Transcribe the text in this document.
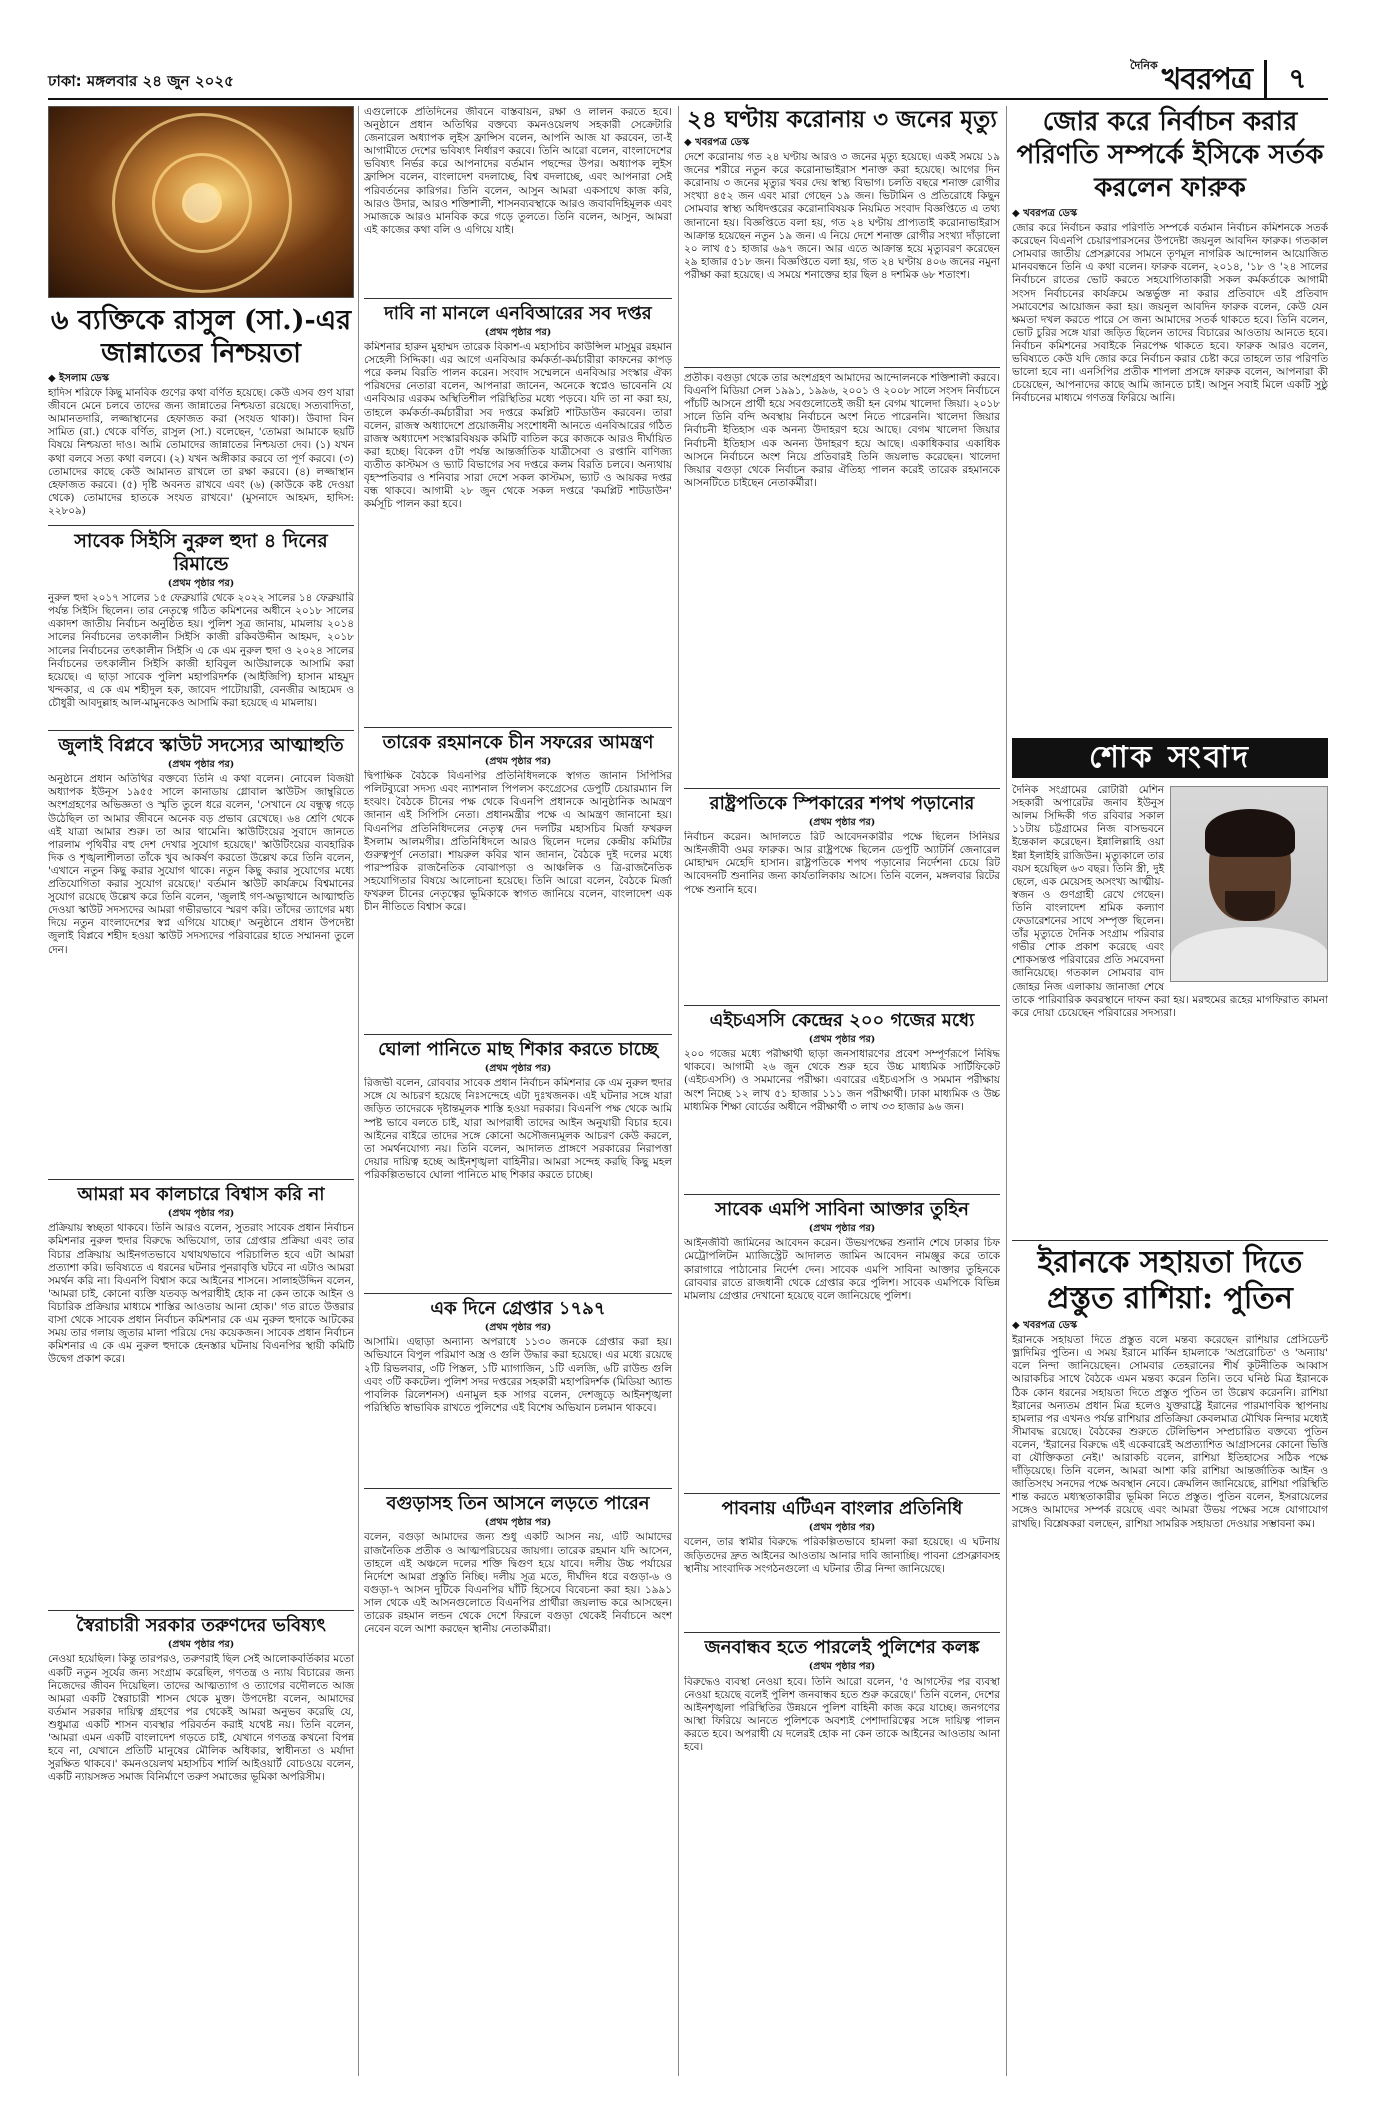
ঢাকা: মঙ্গলবার ২৪ জুন ২০২৫
দৈনিক খবরপত্র	৭
৬ ব্যক্তিকে রাসুল (সা.)-এর জান্নাতের নিশ্চয়তা
◆ ইসলাম ডেস্ক

হাদিস শরিফে কিছু মানবিক গুণের কথা বর্ণিত হয়েছে। কেউ এসব গুণ যারা জীবনে মেনে চলবে তাদের জন্য জান্নাতের নিশ্চয়তা রয়েছে। সত্যবাদিতা, আমানতদারি, লজ্জাস্থানের হেফাজত করা (সংযত থাকা)। উবাদা বিন সামিত (রা.) থেকে বর্ণিত, রাসুল (সা.) বলেছেন, 'তোমরা আমাকে ছয়টি বিষয়ে নিশ্চয়তা দাও। আমি তোমাদের জান্নাতের নিশ্চয়তা দেব। (১) যখন কথা বলবে সত্য কথা বলবে। (২) যখন অঙ্গীকার করবে তা পূর্ণ করবে। (৩) তোমাদের কাছে কেউ আমানত রাখলে তা রক্ষা করবে। (৪) লজ্জাস্থান হেফাজত করবে। (৫) দৃষ্টি অবনত রাখবে এবং (৬) (কাউকে কষ্ট দেওয়া থেকে) তোমাদের হাতকে সংযত রাখবে।' (মুসনাদে আহমদ, হাদিস: ২২৮০৯)

সাবেক সিইসি নুরুল হুদা ৪ দিনের রিমান্ডে
(প্রথম পৃষ্ঠার পর)

নুরুল হুদা ২০১৭ সালের ১৫ ফেব্রুয়ারি থেকে ২০২২ সালের ১৪ ফেব্রুয়ারি পর্যন্ত সিইসি ছিলেন। তার নেতৃত্বে গঠিত কমিশনের অধীনে ২০১৮ সালের একাদশ জাতীয় নির্বাচন অনুষ্ঠিত হয়। পুলিশ সূত্র জানায়, মামলায় ২০১৪ সালের নির্বাচনের তৎকালীন সিইসি কাজী রকিবউদ্দীন আহমদ, ২০১৮ সালের নির্বাচনের তৎকালীন সিইসি এ কে এম নুরুল হুদা ও ২০২৪ সালের নির্বাচনের তৎকালীন সিইসি কাজী হাবিবুল আউয়ালকে আসামি করা হয়েছে। এ ছাড়া সাবেক পুলিশ মহাপরিদর্শক (আইজিপি) হাসান মাহমুদ খন্দকার, এ কে এম শহীদুল হক, জাবেদ পাটোয়ারী, বেনজীর আহমেদ ও চৌধুরী আবদুল্লাহ আল-মামুনকেও আসামি করা হয়েছে এ মামলায়।

জুলাই বিপ্লবে স্কাউট সদস্যের আত্মাহুতি
(প্রথম পৃষ্ঠার পর)

অনুষ্ঠানে প্রধান অতিথির বক্তব্যে তিনি এ কথা বলেন। নোবেল বিজয়ী অধ্যাপক ইউনূস ১৯৫৫ সালে কানাডায় গ্লোবাল স্কাউটস জাম্বুরিতে অংশগ্রহণের অভিজ্ঞতা ও স্মৃতি তুলে ধরে বলেন, 'সেখানে যে বন্ধুত্ব গড়ে উঠেছিল তা আমার জীবনে অনেক বড় প্রভাব রেখেছে। ৬৪ শ্রেণি থেকে এই যাত্রা আমার শুরু। তা আর থামেনি। স্কাউটিংয়ের সুবাদে জানতে পারলাম পৃথিবীর বহু দেশ দেখার সুযোগ হয়েছে।' স্কাউটিংয়ের ব্যবহারিক দিক ও শৃঙ্খলাশীলতা তাঁকে খুব আকর্ষণ করতো উল্লেখ করে তিনি বলেন, 'এখানে নতুন কিছু করার সুযোগ থাকে। নতুন কিছু করার সুযোগের মধ্যে প্রতিযোগিতা করার সুযোগ রয়েছে।' বর্তমান স্কাউট কার্যক্রমে বিশ্বমানের সুযোগ রয়েছে উল্লেখ করে তিনি বলেন, 'জুলাই গণ-অভ্যুত্থানে আত্মাহুতি দেওয়া স্কাউট সদস্যদের আমরা গভীরভাবে স্মরণ করি। তাঁদের ত্যাগের মধ্য দিয়ে নতুন বাংলাদেশের স্বপ্ন এগিয়ে যাচ্ছে।' অনুষ্ঠানে প্রধান উপদেষ্টা জুলাই বিপ্লবে শহীদ হওয়া স্কাউট সদস্যদের পরিবারের হাতে সম্মাননা তুলে দেন।

আমরা মব কালচারে বিশ্বাস করি না
(প্রথম পৃষ্ঠার পর)

প্রক্রিয়ায় স্বচ্ছতা থাকবে। তিনি আরও বলেন, সুতরাং সাবেক প্রধান নির্বাচন কমিশনার নুরুল হুদার বিরুদ্ধে অভিযোগ, তার গ্রেপ্তার প্রক্রিয়া এবং তার বিচার প্রক্রিয়ায় আইনগতভাবে যথাযথভাবে পরিচালিত হবে এটা আমরা প্রত্যাশা করি। ভবিষ্যতে এ ধরনের ঘটনার পুনরাবৃত্তি ঘটবে না এটাও আমরা সমর্থন করি না। বিএনপি বিশ্বাস করে আইনের শাসনে। সালাহউদ্দিন বলেন, 'আমরা চাই, কোনো ব্যক্তি যতবড় অপরাধীই হোক না কেন তাকে আইন ও বিচারিক প্রক্রিয়ার মাধ্যমে শাস্তির আওতায় আনা হোক।' গত রাতে উত্তরার বাসা থেকে সাবেক প্রধান নির্বাচন কমিশনার কে এম নুরুল হুদাকে আটকের সময় তার গলায় জুতার মালা পরিয়ে দেয় কয়েকজন। সাবেক প্রধান নির্বাচন কমিশনার এ কে এম নুরুল হুদাকে হেনস্তার ঘটনায় বিএনপির স্থায়ী কমিটি উদ্বেগ প্রকাশ করে।

স্বৈরাচারী সরকার তরুণদের ভবিষ্যৎ
(প্রথম পৃষ্ঠার পর)

নেওয়া হয়েছিল। কিন্তু তারপরও, তরুণরাই ছিল সেই আলোকবর্তিকার মতো একটি নতুন সূর্যের জন্য সংগ্রাম করেছিল, গণতন্ত্র ও ন্যায় বিচারের জন্য নিজেদের জীবন দিয়েছিল। তাদের আত্মত্যাগ ও ত্যাগের বদৌলতে আজ আমরা একটি স্বৈরাচারী শাসন থেকে মুক্ত। উপদেষ্টা বলেন, আমাদের বর্তমান সরকার দায়িত্ব গ্রহণের পর থেকেই আমরা অনুভব করেছি যে, শুধুমাত্র একটি শাসন ব্যবস্থার পরিবর্তন করাই যথেষ্ট নয়। তিনি বলেন, 'আমরা এমন একটি বাংলাদেশ গড়তে চাই, যেখানে গণতন্ত্র কখনো বিপন্ন হবে না, যেখানে প্রতিটি মানুষের মৌলিক অধিকার, স্বাধীনতা ও মর্যাদা সুরক্ষিত থাকবে।' কমনওয়েলথ মহাসচিব শার্লি আইওয়ার্ট বোচওয়ে বলেন, একটি ন্যায়সঙ্গত সমাজ বিনির্মাণে তরুণ সমাজের ভূমিকা অপরিসীম।

এগুলোকে প্রতিদিনের জীবনে বাস্তবায়ন, রক্ষা ও লালন করতে হবে। অনুষ্ঠানে প্রধান অতিথির বক্তব্যে কমনওয়েলথ সহকারী সেক্রেটারি জেনারেল অধ্যাপক লুইস ফ্রান্সিস বলেন, আপনি আজ যা করবেন, তা-ই আগামীতে দেশের ভবিষ্যৎ নির্ধারণ করবে। তিনি আরো বলেন, বাংলাদেশের ভবিষ্যৎ নির্ভর করে আপনাদের বর্তমান পছন্দের উপর। অধ্যাপক লুইস ফ্রান্সিস বলেন, বাংলাদেশ বদলাচ্ছে, বিশ্ব বদলাচ্ছে, এবং আপনারা সেই পরিবর্তনের কারিগর। তিনি বলেন, আসুন আমরা একসাথে কাজ করি, আরও উদার, আরও শক্তিশালী, শাসনব্যবস্থাকে আরও জবাবদিহিমূলক এবং সমাজকে আরও মানবিক করে গড়ে তুলতে। তিনি বলেন, আসুন, আমরা এই কাজের কথা বলি ও এগিয়ে যাই।

দাবি না মানলে এনবিআরের সব দপ্তর
(প্রথম পৃষ্ঠার পর)

কমিশনার হারুন মুহাম্মদ তারেক বিকাশ-এ মহাসচিব কাউন্সিল মাসুমুর রহমান সেহেলী সিদ্দিকা। এর আগে এনবিআর কর্মকর্তা-কর্মচারীরা কাফনের কাপড় পরে কলম বিরতি পালন করেন। সংবাদ সম্মেলনে এনবিআর সংস্কার ঐক্য পরিষদের নেতারা বলেন, আপনারা জানেন, অনেকে স্বপ্নেও ভাবেননি যে এনবিআর এরকম অস্থিতিশীল পরিস্থিতির মধ্যে পড়বে। যদি তা না করা হয়, তাহলে কর্মকর্তা-কর্মচারীরা সব দপ্তরে কমপ্লিট শাটডাউন করবেন। তারা বলেন, রাজস্ব অধ্যাদেশে প্রয়োজনীয় সংশোধনী আনতে এনবিআরের গঠিত রাজস্ব অধ্যাদেশ সংস্কারবিষয়ক কমিটি বাতিল করে কাজকে আরও দীর্ঘায়িত করা হচ্ছে। বিকেল ৫টা পর্যন্ত আন্তর্জাতিক যাত্রীসেবা ও রপ্তানি বাণিজ্য ব্যতীত কাস্টমস ও ভ্যাট বিভাগের সব দপ্তরে কলম বিরতি চলবে। অন্যথায় বৃহস্পতিবার ও শনিবার সারা দেশে সকল কাস্টমস, ভ্যাট ও আয়কর দপ্তর বন্ধ থাকবে। আগামী ২৮ জুন থেকে সকল দপ্তরে 'কমপ্লিট শাটডাউন' কর্মসূচি পালন করা হবে।

তারেক রহমানকে চীন সফরের আমন্ত্রণ
(প্রথম পৃষ্ঠার পর)

দ্বিপাক্ষিক বৈঠকে বিএনপির প্রতিনিধিদলকে স্বাগত জানান সিপিসির পলিটব্যুরো সদস্য এবং ন্যাশনাল পিপলস কংগ্রেসের ডেপুটি চেয়ারম্যান লি হংঝং। বৈঠকে চীনের পক্ষ থেকে বিএনপি প্রধানকে আনুষ্ঠানিক আমন্ত্রণ জানান এই সিপিসি নেতা। প্রধানমন্ত্রীর পক্ষে এ আমন্ত্রণ জানানো হয়। বিএনপির প্রতিনিধিদলের নেতৃত্ব দেন দলটির মহাসচিব মির্জা ফখরুল ইসলাম আলমগীর। প্রতিনিধিদলে আরও ছিলেন দলের কেন্দ্রীয় কমিটির গুরুত্বপূর্ণ নেতারা। শায়রুল কবির খান জানান, বৈঠকে দুই দলের মধ্যে পারস্পরিক রাজনৈতিক বোঝাপড়া ও আঞ্চলিক ও ত্রি-রাজনৈতিক সহযোগিতার বিষয়ে আলোচনা হয়েছে। তিনি আরো বলেন, বৈঠকে মির্জা ফখরুল চীনের নেতৃত্বের ভূমিকাকে স্বাগত জানিয়ে বলেন, বাংলাদেশ এক চীন নীতিতে বিশ্বাস করে।

ঘোলা পানিতে মাছ শিকার করতে চাচ্ছে
(প্রথম পৃষ্ঠার পর)

রিজভী বলেন, রোববার সাবেক প্রধান নির্বাচন কমিশনার কে এম নুরুল হুদার সঙ্গে যে আচরণ হয়েছে নিঃসন্দেহে এটা দুঃখজনক। এই ঘটনার সঙ্গে যারা জড়িত তাদেরকে দৃষ্টান্তমূলক শাস্তি হওয়া দরকার। বিএনপি পক্ষ থেকে আমি স্পষ্ট ভাবে বলতে চাই, যারা আপরাধী তাদের আইন অনুযায়ী বিচার হবে। আইনের বাইরে তাদের সঙ্গে কোনো অসৌজন্যমূলক আচরণ কেউ করলে, তা সমর্থনযোগ্য নয়। তিনি বলেন, আদালত প্রাঙ্গণে সরকারের নিরাপত্তা দেয়ার দায়িত্ব হচ্ছে আইনশৃঙ্খলা বাহিনীর। আমরা সন্দেহ করছি কিছু মহল পরিকল্পিতভাবে ঘোলা পানিতে মাছ শিকার করতে চাচ্ছে।

এক দিনে গ্রেপ্তার ১৭৯৭
(প্রথম পৃষ্ঠার পর)

আসামি। এছাড়া অন্যান্য অপরাধে ১১৩০ জনকে গ্রেপ্তার করা হয়। অভিযানে বিপুল পরিমাণ অস্ত্র ও গুলি উদ্ধার করা হয়েছে। এর মধ্যে রয়েছে ২টি রিভলবার, ৩টি পিস্তল, ১টি ম্যাগাজিন, ১টি এলজি, ৬টি রাউন্ড গুলি এবং ৩টি ককটেল। পুলিশ সদর দপ্তরের সহকারী মহাপরিদর্শক (মিডিয়া অ্যান্ড পাবলিক রিলেশনস) এনামুল হক সাগর বলেন, দেশজুড়ে আইনশৃঙ্খলা পরিস্থিতি স্বাভাবিক রাখতে পুলিশের এই বিশেষ অভিযান চলমান থাকবে।

বগুড়াসহ তিন আসনে লড়তে পারেন
(প্রথম পৃষ্ঠার পর)

বলেন, বগুড়া আমাদের জন্য শুধু একটি আসন নয়, এটি আমাদের রাজনৈতিক প্রতীক ও আত্মপরিচয়ের জায়গা। তারেক রহমান যদি আসেন, তাহলে এই অঞ্চলে দলের শক্তি দ্বিগুণ হয়ে যাবে। দলীয় উচ্চ পর্যায়ের নির্দেশে আমরা প্রস্তুতি নিচ্ছি। দলীয় সূত্র মতে, দীর্ঘদিন ধরে বগুড়া-৬ ও বগুড়া-৭ আসন দুটিকে বিএনপির ঘাঁটি হিসেবে বিবেচনা করা হয়। ১৯৯১ সাল থেকে এই আসনগুলোতে বিএনপির প্রার্থীরা জয়লাভ করে আসছেন। তারেক রহমান লন্ডন থেকে দেশে ফিরলে বগুড়া থেকেই নির্বাচনে অংশ নেবেন বলে আশা করছেন স্থানীয় নেতাকর্মীরা।

২৪ ঘণ্টায় করোনায় ৩ জনের মৃত্যু
◆ খবরপত্র ডেস্ক

দেশে করোনায় গত ২৪ ঘণ্টায় আরও ৩ জনের মৃত্যু হয়েছে। একই সময়ে ১৯ জনের শরীরে নতুন করে করোনাভাইরাস শনাক্ত করা হয়েছে। আগের দিন করোনায় ৩ জনের মৃত্যুর খবর দেয় স্বাস্থ্য বিভাগ। চলতি বছরে শনাক্ত রোগীর সংখ্যা ৪৫২ জন এবং মারা গেছেন ১৯ জন। ভিটামিন ও প্রতিরোধে কিছুন সোমবার স্বাস্থ্য অধিদপ্তরের করোনাবিষয়ক নিয়মিত সংবাদ বিজ্ঞপ্তিতে এ তথ্য জানানো হয়। বিজ্ঞপ্তিতে বলা হয়, গত ২৪ ঘণ্টায় প্রাপ্যতাই করোনাভাইরাস আক্রান্ত হয়েছেন নতুন ১৯ জন। এ নিয়ে দেশে শনাক্ত রোগীর সংখ্যা দাঁড়ালো ২০ লাখ ৫১ হাজার ৬৯৭ জনে। আর এতে আক্রান্ত হয়ে মৃত্যুবরণ করেছেন ২৯ হাজার ৫১৮ জন। বিজ্ঞপ্তিতে বলা হয়, গত ২৪ ঘণ্টায় ৪০৬ জনের নমুনা পরীক্ষা করা হয়েছে। এ সময়ে শনাক্তের হার ছিল ৪ দশমিক ৬৮ শতাংশ।

প্রতীক। বগুড়া থেকে তার অংশগ্রহণ আমাদের আন্দোলনকে শক্তিশালী করবে। বিএনপি মিডিয়া সেল ১৯৯১, ১৯৯৬, ২০০১ ও ২০০৮ সালে সংসদ নির্বাচনে পাঁচটি আসনে প্রার্থী হয়ে সবগুলোতেই জয়ী হন বেগম খালেদা জিয়া। ২০১৮ সালে তিনি বন্দি অবস্থায় নির্বাচনে অংশ নিতে পারেননি। খালেদা জিয়ার নির্বাচনী ইতিহাস এক অনন্য উদাহরণ হয়ে আছে। বেগম খালেদা জিয়ার নির্বাচনী ইতিহাস এক অনন্য উদাহরণ হয়ে আছে। একাধিকবার একাধিক আসনে নির্বাচনে অংশ নিয়ে প্রতিবারই তিনি জয়লাভ করেছেন। খালেদা জিয়ার বগুড়া থেকে নির্বাচন করার ঐতিহ্য পালন করেই তারেক রহমানকে আসনটিতে চাইছেন নেতাকর্মীরা।

রাষ্ট্রপতিকে স্পিকারের শপথ পড়ানোর
(প্রথম পৃষ্ঠার পর)

নির্বাচন করেন। আদালতে রিট আবেদনকারীর পক্ষে ছিলেন সিনিয়র আইনজীবী ওমর ফারুক। আর রাষ্ট্রপক্ষে ছিলেন ডেপুটি অ্যাটর্নি জেনারেল মোহাম্মদ মেহেদি হাসান। রাষ্ট্রপতিকে শপথ পড়ানোর নির্দেশনা চেয়ে রিট আবেদনটি শুনানির জন্য কার্যতালিকায় আসে। তিনি বলেন, মঙ্গলবার রিটের পক্ষে শুনানি হবে।

এইচএসসি কেন্দ্রের ২০০ গজের মধ্যে
(প্রথম পৃষ্ঠার পর)

২০০ গজের মধ্যে পরীক্ষার্থী ছাড়া জনসাধারণের প্রবেশ সম্পূর্ণরূপে নিষিদ্ধ থাকবে। আগামী ২৬ জুন থেকে শুরু হবে উচ্চ মাধ্যমিক সার্টিফিকেট (এইচএসসি) ও সমমানের পরীক্ষা। এবারের এইচএসসি ও সমমান পরীক্ষায় অংশ নিচ্ছে ১২ লাখ ৫১ হাজার ১১১ জন পরীক্ষার্থী। ঢাকা মাধ্যমিক ও উচ্চ মাধ্যমিক শিক্ষা বোর্ডের অধীনে পরীক্ষার্থী ৩ লাখ ৩৩ হাজার ৯৬ জন।

সাবেক এমপি সাবিনা আক্তার তুহিন
(প্রথম পৃষ্ঠার পর)

আইনজীবী জামিনের আবেদন করেন। উভয়পক্ষের শুনানি শেষে ঢাকার চিফ মেট্রোপলিটন ম্যাজিস্ট্রেট আদালত জামিন আবেদন নামঞ্জুর করে তাকে কারাগারে পাঠানোর নির্দেশ দেন। সাবেক এমপি সাবিনা আক্তার তুহিনকে রোববার রাতে রাজধানী থেকে গ্রেপ্তার করে পুলিশ। সাবেক এমপিকে বিভিন্ন মামলায় গ্রেপ্তার দেখানো হয়েছে বলে জানিয়েছে পুলিশ।

পাবনায় এটিএন বাংলার প্রতিনিধি
(প্রথম পৃষ্ঠার পর)

বলেন, তার স্বামীর বিরুদ্ধে পরিকল্পিতভাবে হামলা করা হয়েছে। এ ঘটনায় জড়িতদের দ্রুত আইনের আওতায় আনার দাবি জানাচ্ছি। পাবনা প্রেসক্লাবসহ স্থানীয় সাংবাদিক সংগঠনগুলো এ ঘটনার তীব্র নিন্দা জানিয়েছে।

জনবান্ধব হতে পারলেই পুলিশের কলঙ্ক
(প্রথম পৃষ্ঠার পর)

বিরুদ্ধেও ব্যবস্থা নেওয়া হবে। তিনি আরো বলেন, '৫ আগস্টের পর ব্যবস্থা নেওয়া হয়েছে বলেই পুলিশ জনবান্ধব হতে শুরু করেছে।' তিনি বলেন, দেশের আইনশৃঙ্খলা পরিস্থিতির উন্নয়নে পুলিশ বাহিনী কাজ করে যাচ্ছে। জনগণের আস্থা ফিরিয়ে আনতে পুলিশকে অবশ্যই পেশাদারিত্বের সঙ্গে দায়িত্ব পালন করতে হবে। অপরাধী যে দলেরই হোক না কেন তাকে আইনের আওতায় আনা হবে।

জোর করে নির্বাচন করার পরিণতি সম্পর্কে ইসিকে সর্তক করলেন ফারুক
◆ খবরপত্র ডেস্ক

জোর করে নির্বাচন করার পরিণতি সম্পর্কে বর্তমান নির্বাচন কমিশনকে সতর্ক করেছেন বিএনপি চেয়ারপারসনের উপদেষ্টা জয়নুল আবদিন ফারুক। গতকাল সোমবার জাতীয় প্রেসক্লাবের সামনে তৃণমূল নাগরিক আন্দোলন আয়োজিত মানববন্ধনে তিনি এ কথা বলেন। ফারুক বলেন, ২০১৪, '১৮ ও '২৪ সালের নির্বাচনে রাতের ভোট করতে সহযোগিতাকারী সকল কর্মকর্তাকে আগামী সংসদ নির্বাচনের কার্যক্রমে অন্তর্ভুক্ত না করার প্রতিবাদে এই প্রতিবাদ সমাবেশের আয়োজন করা হয়। জয়নুল আবদিন ফারুক বলেন, কেউ যেন ক্ষমতা দখল করতে পারে সে জন্য আমাদের সতর্ক থাকতে হবে। তিনি বলেন, ভোট চুরির সঙ্গে যারা জড়িত ছিলেন তাদের বিচারের আওতায় আনতে হবে। নির্বাচন কমিশনের সবাইকে নিরপেক্ষ থাকতে হবে। ফারুক আরও বলেন, ভবিষ্যতে কেউ যদি জোর করে নির্বাচন করার চেষ্টা করে তাহলে তার পরিণতি ভালো হবে না। এনসিপির প্রতীক শাপলা প্রসঙ্গে ফারুক বলেন, আপনারা কী চেয়েছেন, আপনাদের কাছে আমি জানতে চাই। আসুন সবাই মিলে একটি সুষ্ঠু নির্বাচনের মাধ্যমে গণতন্ত্র ফিরিয়ে আনি।

শোক সংবাদ

দৈনিক সংগ্রামের রোটারী মেশিন সহকারী অপারেটর জনাব ইউনুস আলম সিদ্দিকী গত রবিবার সকাল ১১টায় চট্টগ্রামের নিজ বাসভবনে ইন্তেকাল করেছেন। ইন্নালিল্লাহি ওয়া ইন্না ইলাইহি রাজিউন। মৃত্যুকালে তার বয়স হয়েছিল ৬৩ বছর। তিনি স্ত্রী, দুই ছেলে, এক মেয়েসহ অসংখ্য আত্মীয়-স্বজন ও গুণগ্রাহী রেখে গেছেন। তিনি বাংলাদেশ শ্রমিক কল্যাণ ফেডারেশনের সাথে সম্পৃক্ত ছিলেন। তাঁর মৃত্যুতে দৈনিক সংগ্রাম পরিবার গভীর শোক প্রকাশ করেছে এবং শোকসন্তপ্ত পরিবারের প্রতি সমবেদনা জানিয়েছে। গতকাল সোমবার বাদ জোহর নিজ এলাকায় জানাজা শেষে তাকে পারিবারিক কবরস্থানে দাফন করা হয়। মরহুমের রূহের মাগফিরাত কামনা করে দোয়া চেয়েছেন পরিবারের সদস্যরা।

ইরানকে সহায়তা দিতে প্রস্তুত রাশিয়া: পুতিন
◆ খবরপত্র ডেস্ক

ইরানকে সহায়তা দিতে প্রস্তুত বলে মন্তব্য করেছেন রাশিয়ার প্রেসিডেন্ট ভ্লাদিমির পুতিন। এ সময় ইরানে মার্কিন হামলাকে 'অপ্ররোচিত' ও 'অন্যায়' বলে নিন্দা জানিয়েছেন। সোমবার তেহরানের শীর্ষ কূটনীতিক আব্বাস আরাকচির সাথে বৈঠকে এমন মন্তব্য করেন তিনি। তবে ঘনিষ্ঠ মিত্র ইরানকে ঠিক কোন ধরনের সহায়তা দিতে প্রস্তুত পুতিন তা উল্লেখ করেননি। রাশিয়া ইরানের অন্যতম প্রধান মিত্র হলেও যুক্তরাষ্ট্রে ইরানের পারমাণবিক স্থাপনায় হামলার পর এখনও পর্যন্ত রাশিয়ার প্রতিক্রিয়া কেবলমাত্র মৌখিক নিন্দার মধ্যেই সীমাবদ্ধ রয়েছে। বৈঠকের শুরুতে টেলিভিশন সম্প্রচারিত বক্তব্যে পুতিন বলেন, 'ইরানের বিরুদ্ধে এই একেবারেই অপ্রত্যাশিত আগ্রাসনের কোনো ভিত্তি বা যৌক্তিকতা নেই।' আরাকচি বলেন, রাশিয়া ইতিহাসের সঠিক পক্ষে দাঁড়িয়েছে। তিনি বলেন, আমরা আশা করি রাশিয়া আন্তর্জাতিক আইন ও জাতিসংঘ সনদের পক্ষে অবস্থান নেবে। ক্রেমলিন জানিয়েছে, রাশিয়া পরিস্থিতি শান্ত করতে মধ্যস্থতাকারীর ভূমিকা নিতে প্রস্তুত। পুতিন বলেন, ইসরায়েলের সঙ্গেও আমাদের সম্পর্ক রয়েছে এবং আমরা উভয় পক্ষের সঙ্গে যোগাযোগ রাখছি। বিশ্লেষকরা বলছেন, রাশিয়া সামরিক সহায়তা দেওয়ার সম্ভাবনা কম।
